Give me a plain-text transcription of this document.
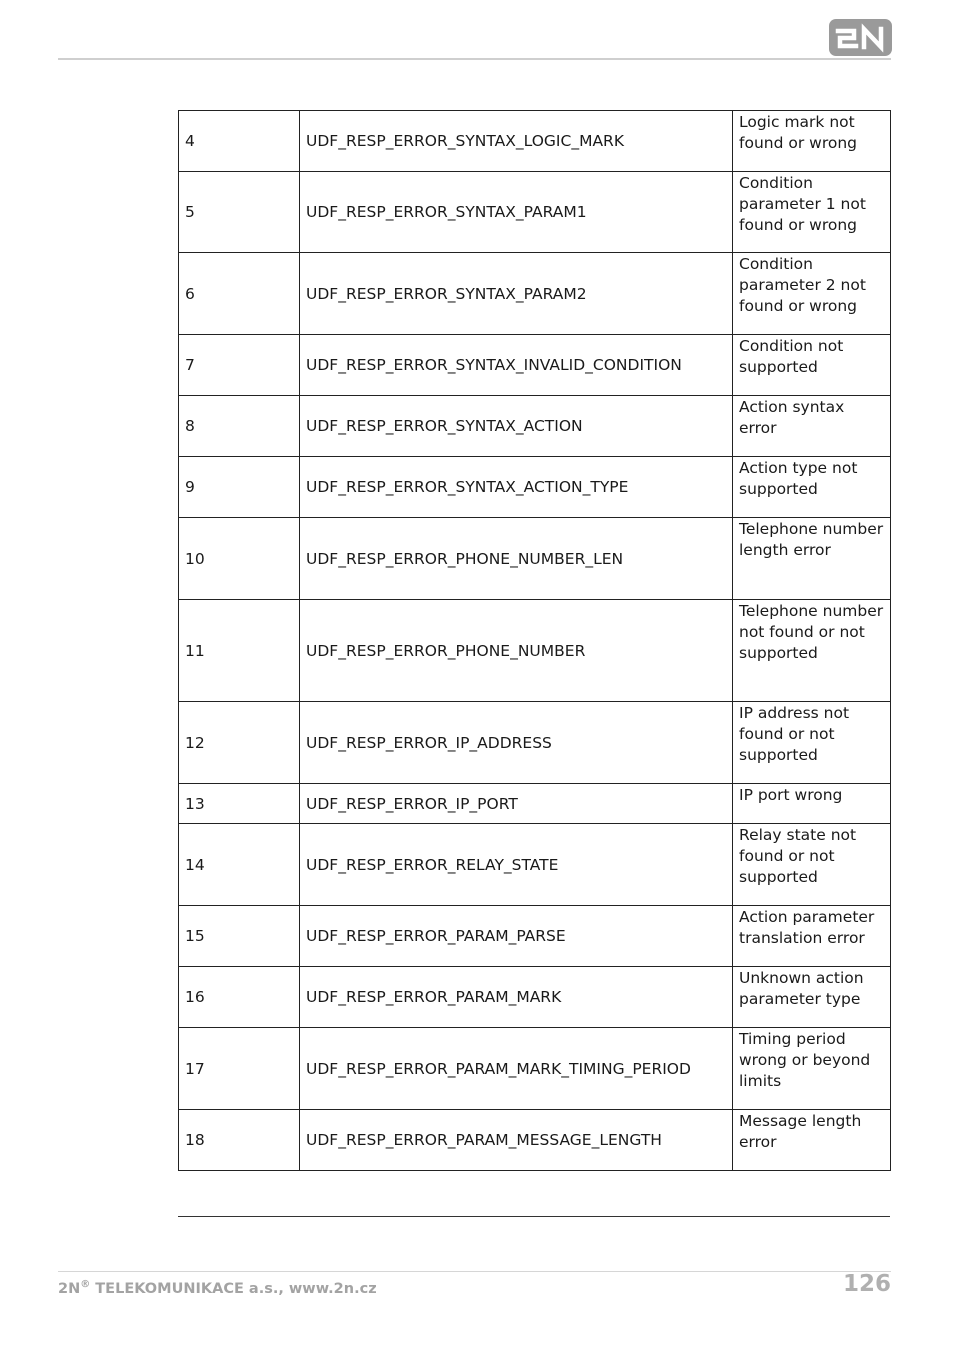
4	UDF_RESP_ERROR_SYNTAX_LOGIC_MARK	Logic mark not found or wrong
5	UDF_RESP_ERROR_SYNTAX_PARAM1	Condition parameter 1 not found or wrong
6	UDF_RESP_ERROR_SYNTAX_PARAM2	Condition parameter 2 not found or wrong
7	UDF_RESP_ERROR_SYNTAX_INVALID_CONDITION	Condition not supported
8	UDF_RESP_ERROR_SYNTAX_ACTION	Action syntax error
9	UDF_RESP_ERROR_SYNTAX_ACTION_TYPE	Action type not supported
10	UDF_RESP_ERROR_PHONE_NUMBER_LEN	Telephone number length error
11	UDF_RESP_ERROR_PHONE_NUMBER	Telephone number not found or not supported
12	UDF_RESP_ERROR_IP_ADDRESS	IP address not found or not supported
13	UDF_RESP_ERROR_IP_PORT	IP port wrong
14	UDF_RESP_ERROR_RELAY_STATE	Relay state not found or not supported
15	UDF_RESP_ERROR_PARAM_PARSE	Action parameter translation error
16	UDF_RESP_ERROR_PARAM_MARK	Unknown action parameter type
17	UDF_RESP_ERROR_PARAM_MARK_TIMING_PERIOD	Timing period wrong or beyond limits
18	UDF_RESP_ERROR_PARAM_MESSAGE_LENGTH	Message length error
2N® TELEKOMUNIKACE a.s., www.2n.cz	126
